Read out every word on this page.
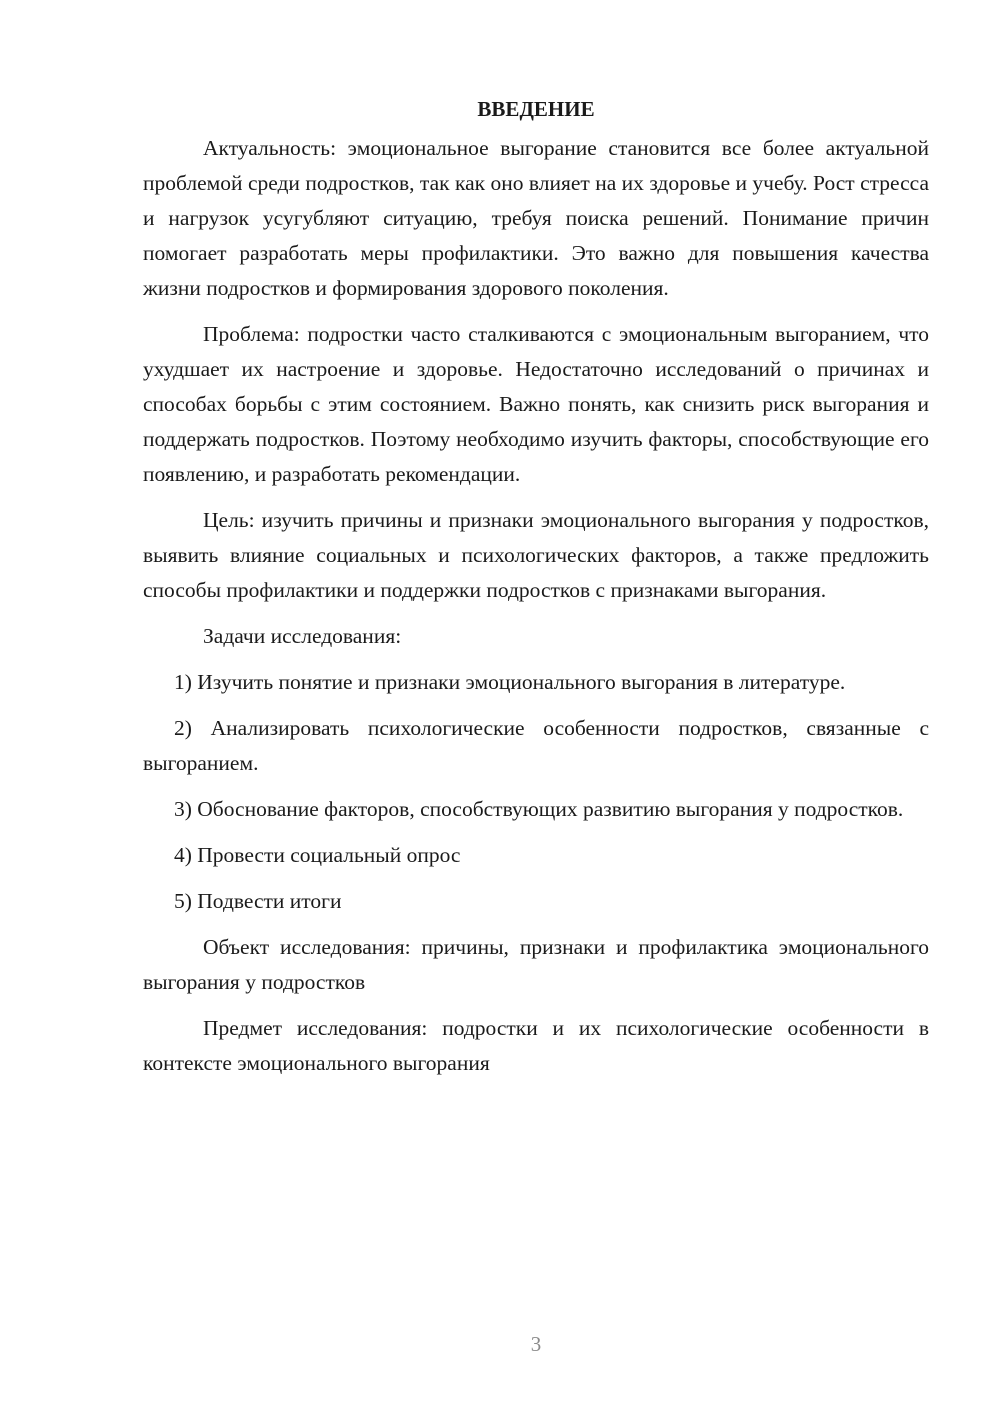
ВВЕДЕНИЕ

Актуальность: эмоциональное выгорание становится все более актуальной проблемой среди подростков, так как оно влияет на их здоровье и учебу. Рост стресса и нагрузок усугубляют ситуацию, требуя поиска решений. Понимание причин помогает разработать меры профилактики. Это важно для повышения качества жизни подростков и формирования здорового поколения.

Проблема: подростки часто сталкиваются с эмоциональным выгоранием, что ухудшает их настроение и здоровье. Недостаточно исследований о причинах и способах борьбы с этим состоянием. Важно понять, как снизить риск выгорания и поддержать подростков. Поэтому необходимо изучить факторы, способствующие его появлению, и разработать рекомендации.

Цель: изучить причины и признаки эмоционального выгорания у подростков, выявить влияние социальных и психологических факторов, а также предложить способы профилактики и поддержки подростков с признаками выгорания.

Задачи исследования:

1) Изучить понятие и признаки эмоционального выгорания в литературе.

2) Анализировать психологические особенности подростков, связанные с выгоранием.

3) Обоснование факторов, способствующих развитию выгорания у подростков.

4) Провести социальный опрос

5) Подвести итоги

Объект исследования: причины, признаки и профилактика эмоционального выгорания у подростков

Предмет исследования: подростки и их психологические особенности в контексте эмоционального выгорания

3
